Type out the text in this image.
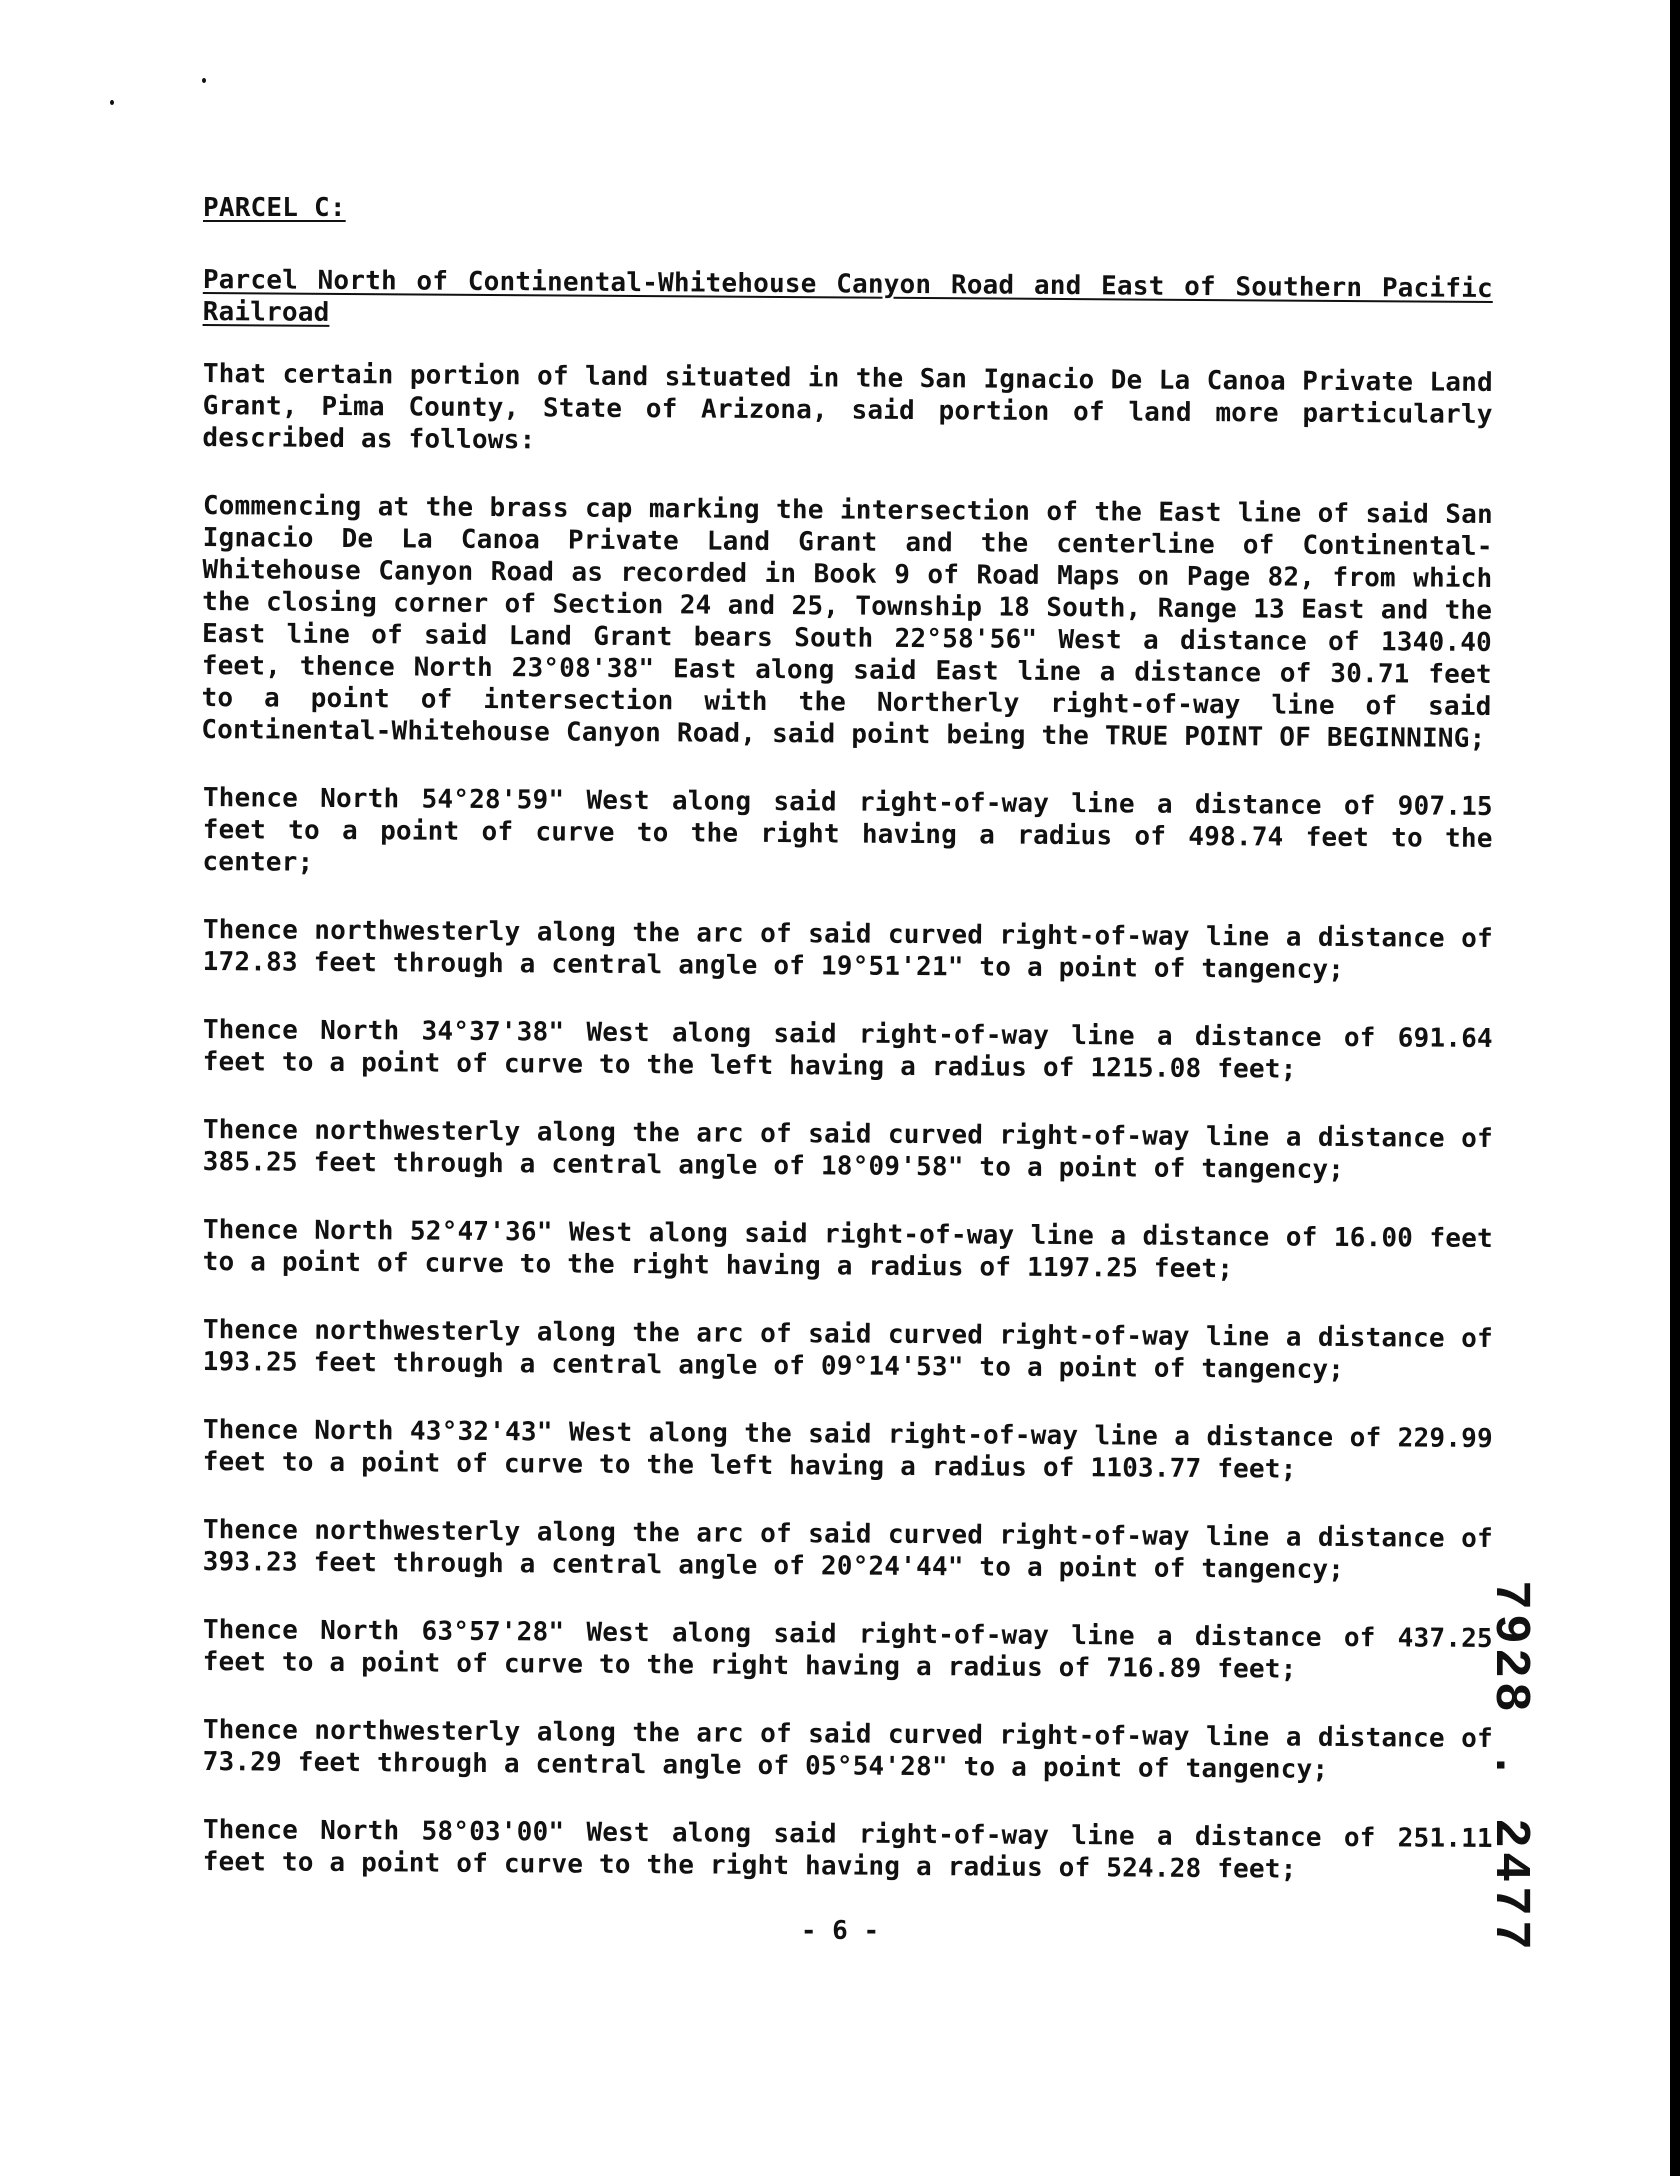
PARCEL C:
Parcel North of Continental-Whitehouse Canyon Road and East of Southern Pacific Railroad

That certain portion of land situated in the San Ignacio De La Canoa Private Land Grant, Pima County, State of Arizona, said portion of land more particularly described as follows:

Commencing at the brass cap marking the intersection of the East line of said San Ignacio De La Canoa Private Land Grant and the centerline of Continental-Whitehouse Canyon Road as recorded in Book 9 of Road Maps on Page 82, from which the closing corner of Section 24 and 25, Township 18 South, Range 13 East and the East line of said Land Grant bears South 22°58'56" West a distance of 1340.40 feet, thence North 23°08'38" East along said East line a distance of 30.71 feet to a point of intersection with the Northerly right-of-way line of said Continental-Whitehouse Canyon Road, said point being the TRUE POINT OF BEGINNING;

Thence North 54°28'59" West along said right-of-way line a distance of 907.15 feet to a point of curve to the right having a radius of 498.74 feet to the center;

Thence northwesterly along the arc of said curved right-of-way line a distance of 172.83 feet through a central angle of 19°51'21" to a point of tangency;

Thence North 34°37'38" West along said right-of-way line a distance of 691.64 feet to a point of curve to the left having a radius of 1215.08 feet;

Thence northwesterly along the arc of said curved right-of-way line a distance of 385.25 feet through a central angle of 18°09'58" to a point of tangency;

Thence North 52°47'36" West along said right-of-way line a distance of 16.00 feet to a point of curve to the right having a radius of 1197.25 feet;

Thence northwesterly along the arc of said curved right-of-way line a distance of 193.25 feet through a central angle of 09°14'53" to a point of tangency;

Thence North 43°32'43" West along the said right-of-way line a distance of 229.99 feet to a point of curve to the left having a radius of 1103.77 feet;

Thence northwesterly along the arc of said curved right-of-way line a distance of 393.23 feet through a central angle of 20°24'44" to a point of tangency;

Thence North 63°57'28" West along said right-of-way line a distance of 437.25 feet to a point of curve to the right having a radius of 716.89 feet;

Thence northwesterly along the arc of said curved right-of-way line a distance of 73.29 feet through a central angle of 05°54'28" to a point of tangency;

Thence North 58°03'00" West along said right-of-way line a distance of 251.11 feet to a point of curve to the right having a radius of 524.28 feet;

- 6 -	7928 . 2477
